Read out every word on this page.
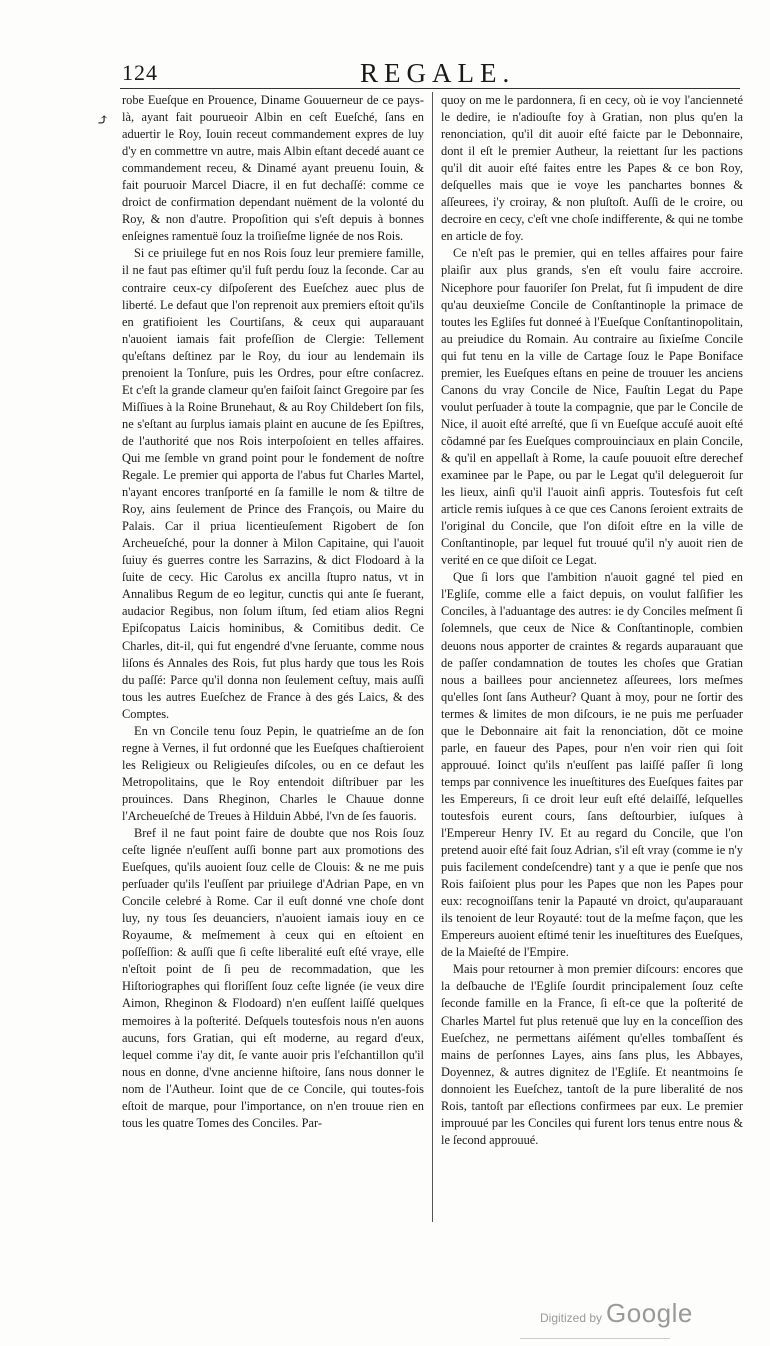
124	REGALE.
⤴

robe Eueſque en Prouence, Diname Gouuerneur de ce pays-là, ayant fait pourueoir Albin en ceſt Eueſché, ſans en aduertir le Roy, Iouin receut commandement expres de luy d'y en commettre vn autre, mais Albin eſtant decedé auant ce commandement receu, & Dinamé ayant preuenu Iouin, & fait pouruoir Marcel Diacre, il en fut dechaſſé: comme ce droict de confirmation dependant nuëment de la volonté du Roy, & non d'autre. Propoſition qui s'eſt depuis à bonnes enſeignes ramentuë ſouz la troiſieſme lignée de nos Rois.

Si ce priuilege fut en nos Rois ſouz leur premiere famille, il ne faut pas eſtimer qu'il fuſt perdu ſouz la ſeconde. Car au contraire ceux-cy diſpoſerent des Eueſchez auec plus de liberté. Le defaut que l'on reprenoit aux premiers eſtoit qu'ils en gratifioient les Courtiſans, & ceux qui auparauant n'auoient iamais fait profeſſion de Clergie: Tellement qu'eſtans deſtinez par le Roy, du iour au lendemain ils prenoient la Tonſure, puis les Ordres, pour eſtre conſacrez. Et c'eſt la grande clameur qu'en faiſoit ſainct Gregoire par ſes Miſſiues à la Roine Brunehaut, & au Roy Childebert ſon fils, ne s'eſtant au ſurplus iamais plaint en aucune de ſes Epiſtres, de l'authorité que nos Rois interpoſoient en telles affaires. Qui me ſemble vn grand point pour le fondement de noſtre Regale. Le premier qui apporta de l'abus fut Charles Martel, n'ayant encores tranſporté en ſa famille le nom & tiltre de Roy, ains ſeulement de Prince des François, ou Maire du Palais. Car il priua licentieuſement Rigobert de ſon Archeueſché, pour la donner à Milon Capitaine, qui l'auoit ſuiuy és guerres contre les Sarrazins, & dict Flodoard à la ſuite de cecy. Hic Carolus ex ancilla ſtupro natus, vt in Annalibus Regum de eo legitur, cunctis qui ante ſe fuerant, audacior Regibus, non ſolum iſtum, ſed etiam alios Regni Epiſcopatus Laicis hominibus, & Comitibus dedit. Ce Charles, dit-il, qui fut engendré d'vne ſeruante, comme nous liſons és Annales des Rois, fut plus hardy que tous les Rois du paſſé: Parce qu'il donna non ſeulement ceſtuy, mais auſſi tous les autres Eueſchez de France à des gés Laics, & des Comptes.

En vn Concile tenu ſouz Pepin, le quatrieſme an de ſon regne à Vernes, il fut ordonné que les Eueſques chaſtieroient les Religieux ou Religieuſes diſcoles, ou en ce defaut les Metropolitains, que le Roy entendoit diſtribuer par les prouinces. Dans Rheginon, Charles le Chauue donne l'Archeueſché de Treues à Hilduin Abbé, l'vn de ſes fauoris.

Bref il ne faut point faire de doubte que nos Rois ſouz ceſte lignée n'euſſent auſſi bonne part aux promotions des Eueſques, qu'ils auoient ſouz celle de Clouis: & ne me puis perſuader qu'ils l'euſſent par priuilege d'Adrian Pape, en vn Concile celebré à Rome. Car il euſt donné vne choſe dont luy, ny tous ſes deuanciers, n'auoient iamais iouy en ce Royaume, & meſmement à ceux qui en eſtoient en poſſeſſion: & auſſi que ſi ceſte liberalité euſt eſté vraye, elle n'eſtoit point de ſi peu de recommadation, que les Hiſtoriographes qui floriſſent ſouz ceſte lignée (ie veux dire Aimon, Rheginon & Flodoard) n'en euſſent laiſſé quelques memoires à la poſterité. Deſquels toutesfois nous n'en auons aucuns, fors Gratian, qui eſt moderne, au regard d'eux, lequel comme i'ay dit, ſe vante auoir pris l'eſchantillon qu'il nous en donne, d'vne ancienne hiſtoire, ſans nous donner le nom de l'Autheur. Ioint que de ce Concile, qui toutes-fois eſtoit de marque, pour l'importance, on n'en trouue rien en tous les quatre Tomes des Conciles. Par-

quoy on me le pardonnera, ſi en cecy, où ie voy l'ancienneté le dedire, ie n'adiouſte foy à Gratian, non plus qu'en la renonciation, qu'il dit auoir eſté faicte par le Debonnaire, dont il eſt le premier Autheur, la reiettant ſur les pactions qu'il dit auoir eſté faites entre les Papes & ce bon Roy, deſquelles mais que ie voye les panchartes bonnes & aſſeurees, i'y croiray, & non pluſtoſt. Auſſi de le croire, ou decroire en cecy, c'eſt vne choſe indifferente, & qui ne tombe en article de foy.

Ce n'eſt pas le premier, qui en telles affaires pour faire plaiſir aux plus grands, s'en eſt voulu faire accroire. Nicephore pour fauoriſer ſon Prelat, fut ſi impudent de dire qu'au deuxieſme Concile de Conſtantinople la primace de toutes les Egliſes fut donneé à l'Eueſque Conſtantinopolitain, au preiudice du Romain. Au contraire au ſixieſme Concile qui fut tenu en la ville de Cartage ſouz le Pape Boniface premier, les Eueſques eſtans en peine de trouuer les anciens Canons du vray Concile de Nice, Fauſtin Legat du Pape voulut perſuader à toute la compagnie, que par le Concile de Nice, il auoit eſté arreſté, que ſi vn Eueſque accuſé auoit eſté cõdamné par ſes Eueſques comprouinciaux en plain Concile, & qu'il en appellaſt à Rome, la cauſe pouuoit eſtre derechef examinee par le Pape, ou par le Legat qu'il delegueroit ſur les lieux, ainſi qu'il l'auoit ainſi appris. Toutesfois fut ceſt article remis iuſques à ce que ces Canons ſeroient extraits de l'original du Concile, que l'on diſoit eſtre en la ville de Conſtantinople, par lequel fut trouué qu'il n'y auoit rien de verité en ce que diſoit ce Legat.

Que ſi lors que l'ambition n'auoit gagné tel pied en l'Egliſe, comme elle a faict depuis, on voulut falſifier les Conciles, à l'aduantage des autres: ie dy Conciles meſment ſi ſolemnels, que ceux de Nice & Conſtantinople, combien deuons nous apporter de craintes & regards auparauant que de paſſer condamnation de toutes les choſes que Gratian nous a baillees pour anciennetez aſſeurees, lors meſmes qu'elles ſont ſans Autheur? Quant à moy, pour ne ſortir des termes & limites de mon diſcours, ie ne puis me perſuader que le Debonnaire ait fait la renonciation, dõt ce moine parle, en faueur des Papes, pour n'en voir rien qui ſoit approuué. Ioinct qu'ils n'euſſent pas laiſſé paſſer ſi long temps par connivence les inueſtitures des Eueſques faites par les Empereurs, ſi ce droit leur euſt eſté delaiſſé, leſquelles toutesfois eurent cours, ſans deſtourbier, iuſques à l'Empereur Henry IV. Et au regard du Concile, que l'on pretend auoir eſté fait ſouz Adrian, s'il eſt vray (comme ie n'y puis facilement condeſcendre) tant y a que ie penſe que nos Rois faiſoient plus pour les Papes que non les Papes pour eux: recognoiſſans tenir la Papauté vn droict, qu'auparauant ils tenoient de leur Royauté: tout de la meſme façon, que les Empereurs auoient eſtimé tenir les inueſtitures des Eueſques, de la Maieſté de l'Empire.

Mais pour retourner à mon premier diſcours: encores que la deſbauche de l'Egliſe ſourdit principalement ſouz ceſte ſeconde famille en la France, ſi eſt-ce que la poſterité de Charles Martel fut plus retenuë que luy en la conceſſion des Eueſchez, ne permettans aiſément qu'elles tombaſſent és mains de perſonnes Layes, ains ſans plus, les Abbayes, Doyennez, & autres dignitez de l'Egliſe. Et neantmoins ſe donnoient les Eueſchez, tantoſt de la pure liberalité de nos Rois, tantoſt par eſlections confirmees par eux. Le premier improuué par les Conciles qui furent lors tenus entre nous & le ſecond approuué.

Digitized by Google
